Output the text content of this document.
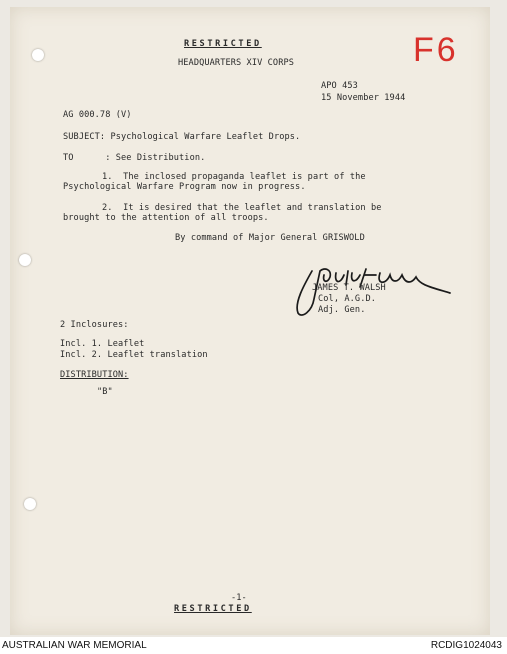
RESTRICTED
HEADQUARTERS XIV CORPS	F6
APO 453
15 November 1944
AG 000.78 (V)
SUBJECT: Psychological Warfare Leaflet Drops.
TO      : See Distribution.
1.  The inclosed propaganda leaflet is part of the
Psychological Warfare Program now in progress.
2.  It is desired that the leaflet and translation be
brought to the attention of all troops.
By command of Major General GRISWOLD
JAMES T. WALSH
Col, A.G.D.
Adj. Gen.
2 Inclosures:
Incl. 1. Leaflet
Incl. 2. Leaflet translation
DISTRIBUTION:
"B"
-1-
RESTRICTED
AUSTRALIAN WAR MEMORIAL	RCDIG1024043
